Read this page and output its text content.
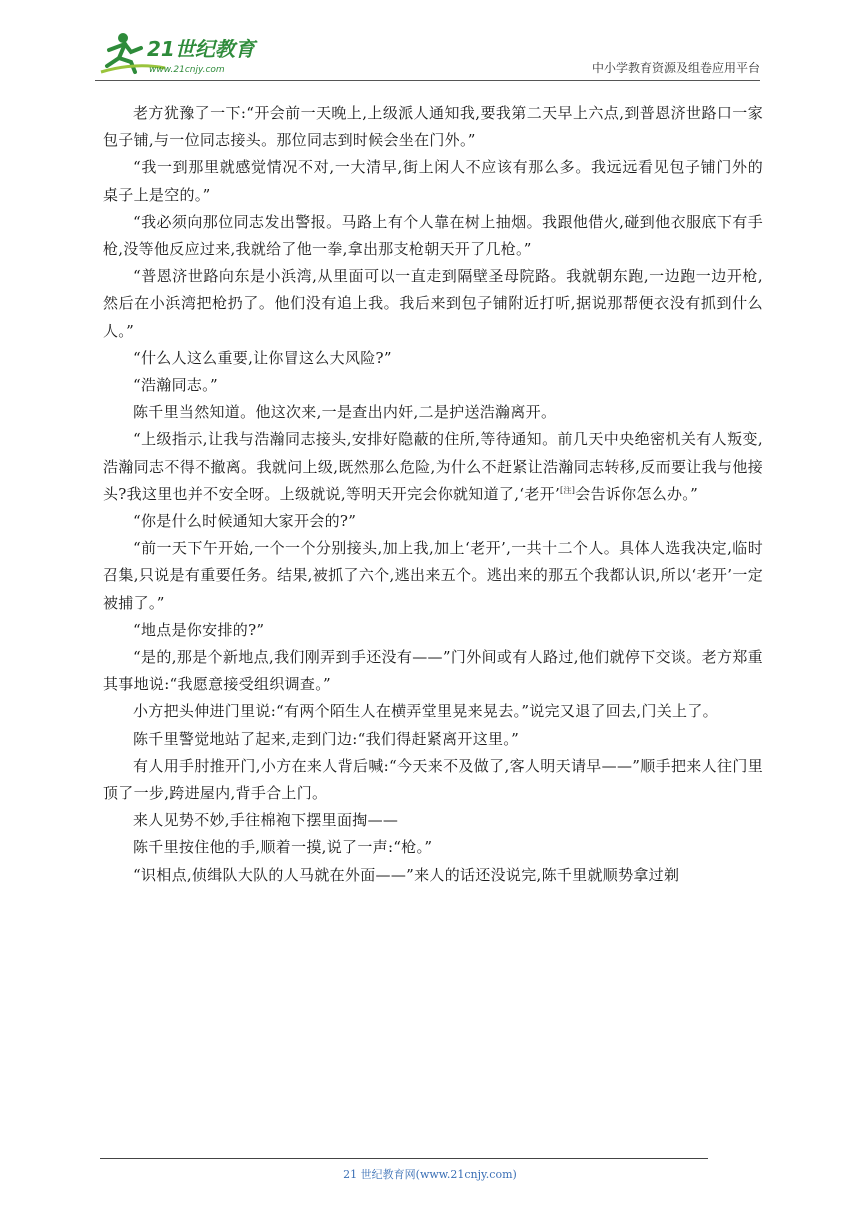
21世纪教育
www.21cnjy.com	中小学教育资源及组卷应用平台

老方犹豫了一下:“开会前一天晚上,上级派人通知我,要我第二天早上六点,到普恩济世路口一家包子铺,与一位同志接头。那位同志到时候会坐在门外。”

“我一到那里就感觉情况不对,一大清早,街上闲人不应该有那么多。我远远看见包子铺门外的桌子上是空的。”

“我必须向那位同志发出警报。马路上有个人靠在树上抽烟。我跟他借火,碰到他衣服底下有手枪,没等他反应过来,我就给了他一拳,拿出那支枪朝天开了几枪。”

“普恩济世路向东是小浜湾,从里面可以一直走到隔壁圣母院路。我就朝东跑,一边跑一边开枪,然后在小浜湾把枪扔了。他们没有追上我。我后来到包子铺附近打听,据说那帮便衣没有抓到什么人。”

“什么人这么重要,让你冒这么大风险?”

“浩瀚同志。”

陈千里当然知道。他这次来,一是查出内奸,二是护送浩瀚离开。

“上级指示,让我与浩瀚同志接头,安排好隐蔽的住所,等待通知。前几天中央绝密机关有人叛变,浩瀚同志不得不撤离。我就问上级,既然那么危险,为什么不赶紧让浩瀚同志转移,反而要让我与他接头?我这里也并不安全呀。上级就说,等明天开完会你就知道了,‘老开’[注]会告诉你怎么办。”

“你是什么时候通知大家开会的?”

“前一天下午开始,一个一个分别接头,加上我,加上‘老开’,一共十二个人。具体人选我决定,临时召集,只说是有重要任务。结果,被抓了六个,逃出来五个。逃出来的那五个我都认识,所以‘老开’一定被捕了。”

“地点是你安排的?”

“是的,那是个新地点,我们刚弄到手还没有——”门外间或有人路过,他们就停下交谈。老方郑重其事地说:“我愿意接受组织调查。”

小方把头伸进门里说:“有两个陌生人在横弄堂里晃来晃去。”说完又退了回去,门关上了。

陈千里警觉地站了起来,走到门边:“我们得赶紧离开这里。”

有人用手肘推开门,小方在来人背后喊:“今天来不及做了,客人明天请早——”顺手把来人往门里顶了一步,跨进屋内,背手合上门。

来人见势不妙,手往棉袍下摆里面掏——

陈千里按住他的手,顺着一摸,说了一声:“枪。”

“识相点,侦缉队大队的人马就在外面——”来人的话还没说完,陈千里就顺势拿过剃

21 世纪教育网(www.21cnjy.com)
